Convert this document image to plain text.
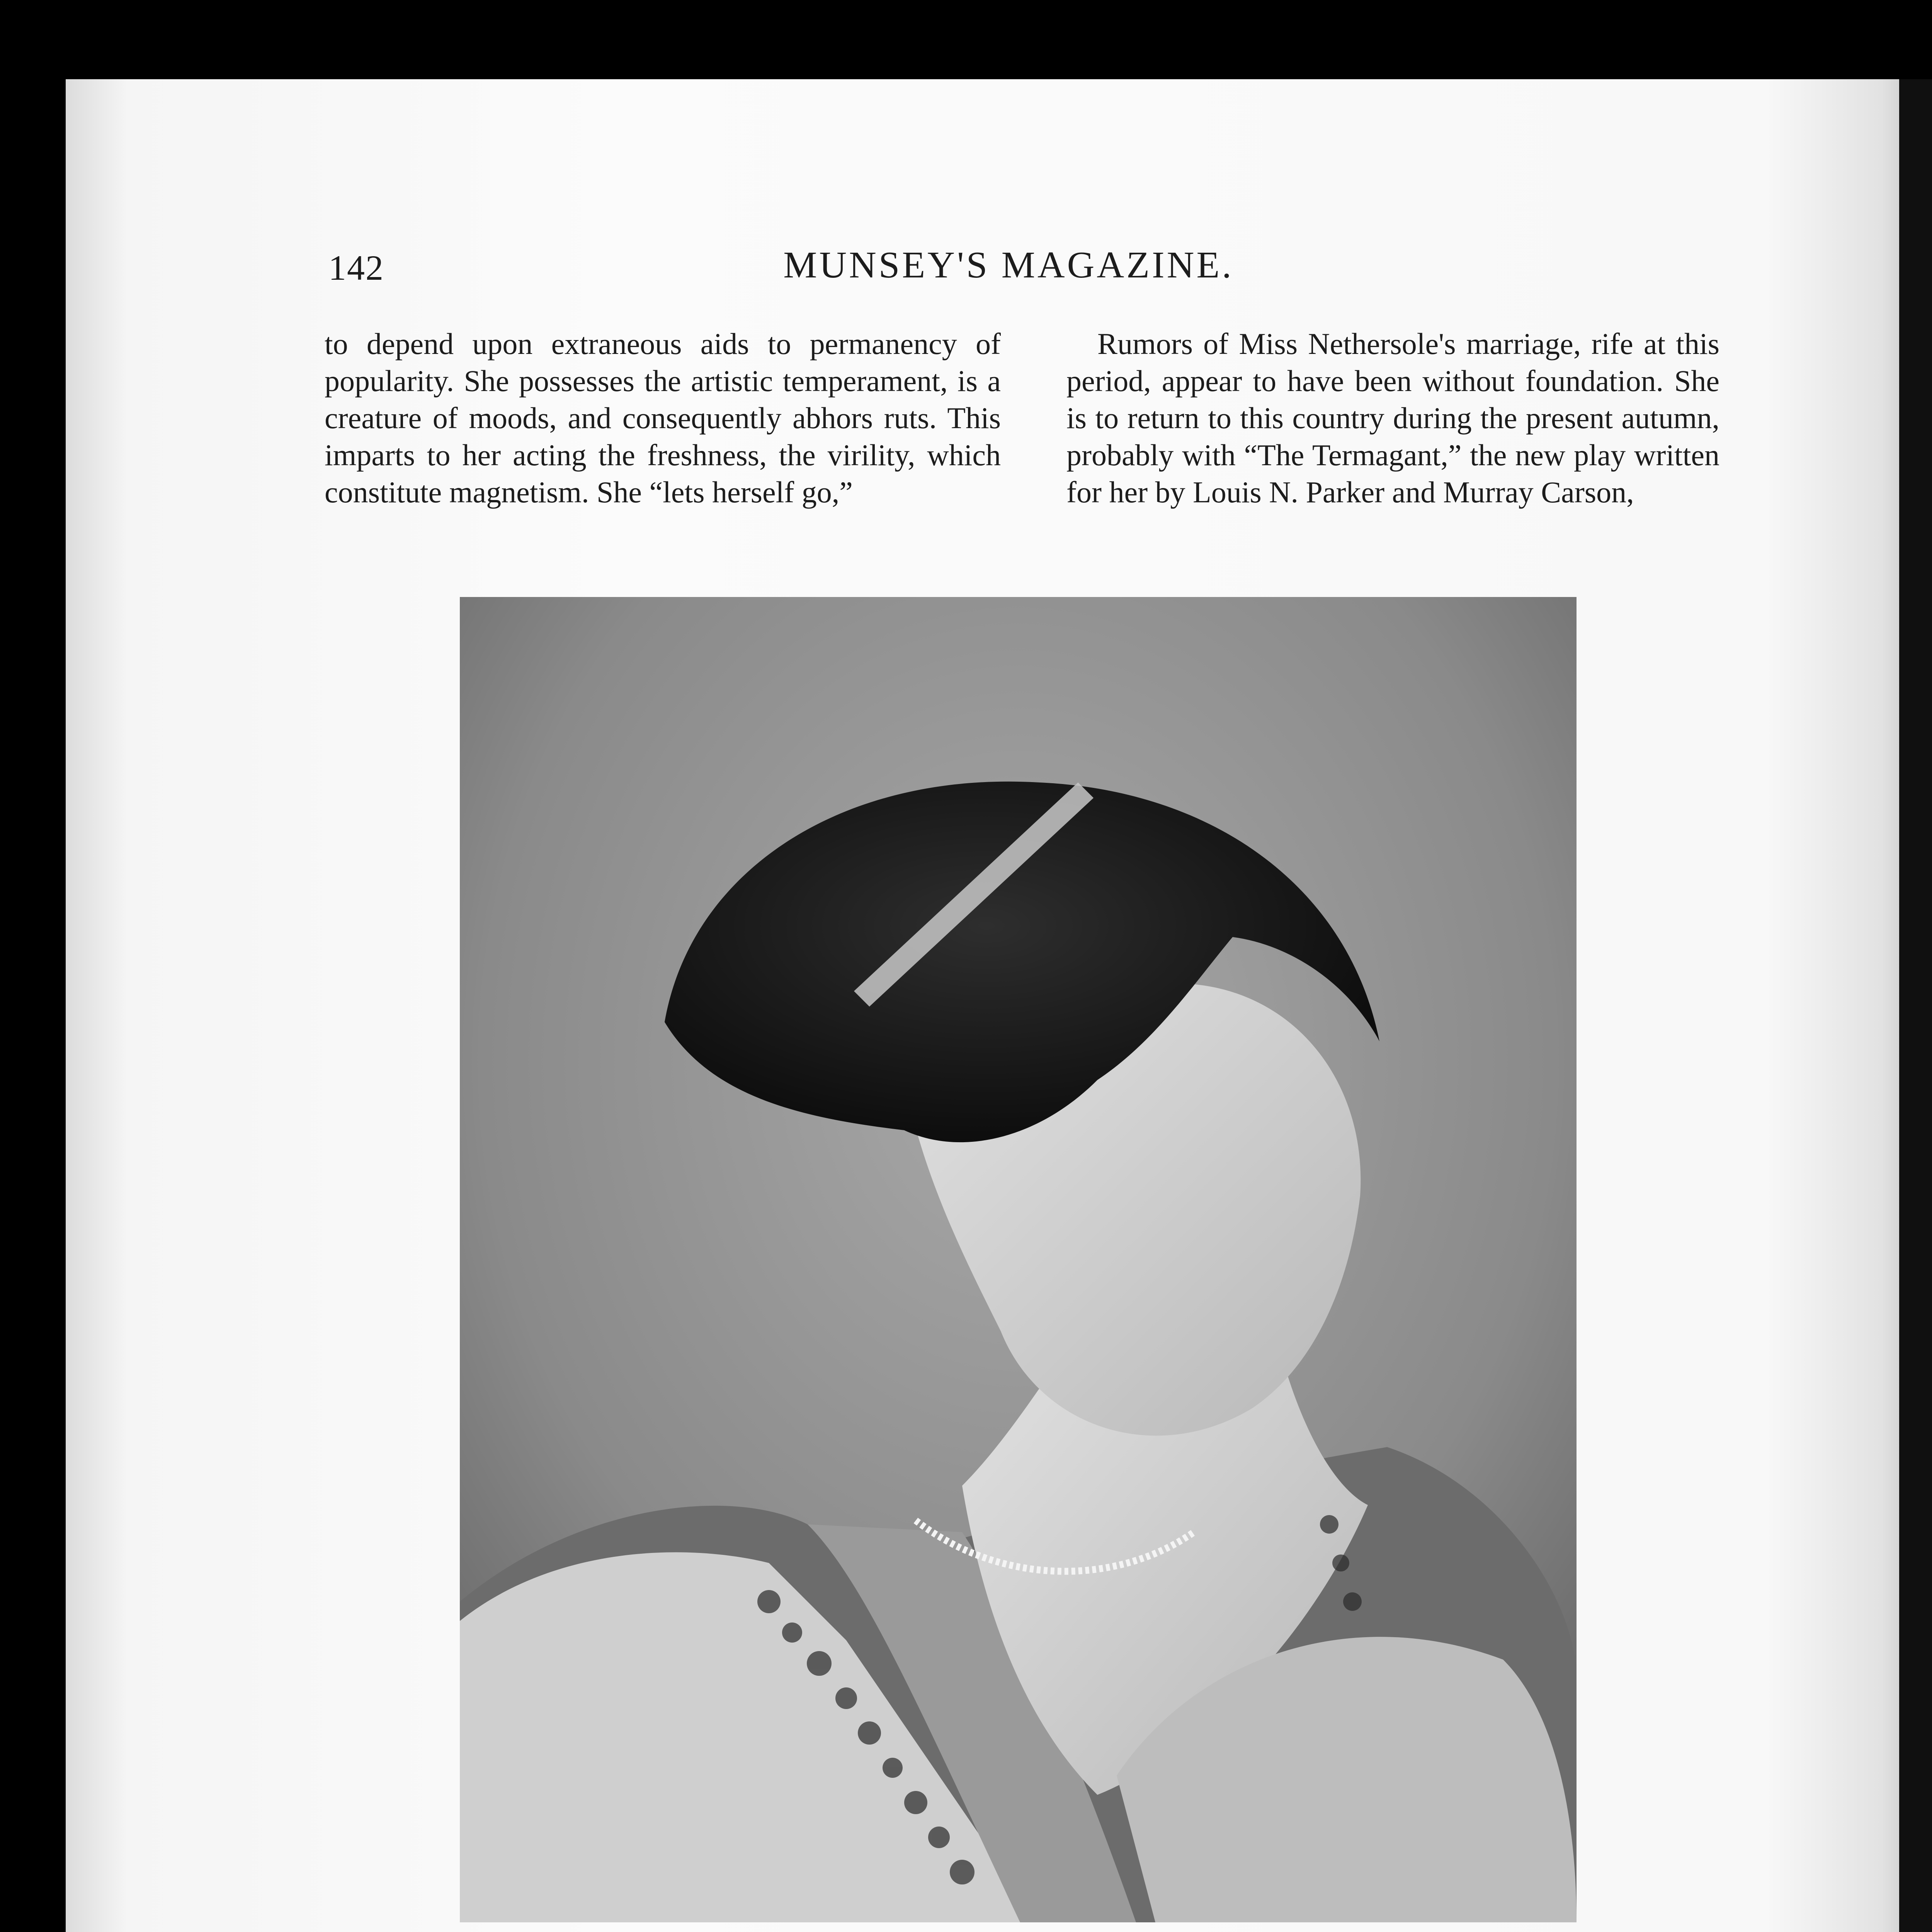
142	MUNSEY'S MAGAZINE.

to depend upon extraneous aids to permanency of popularity. She possesses the artistic temperament, is a creature of moods, and consequently abhors ruts. This imparts to her acting the freshness, the virility, which constitute magnetism. She “lets herself go,”

Rumors of Miss Nethersole's marriage, rife at this period, appear to have been without foundation. She is to return to this country during the present autumn, probably with “The Termagant,” the new play written for her by Louis N. Parker and Murray Carson,
